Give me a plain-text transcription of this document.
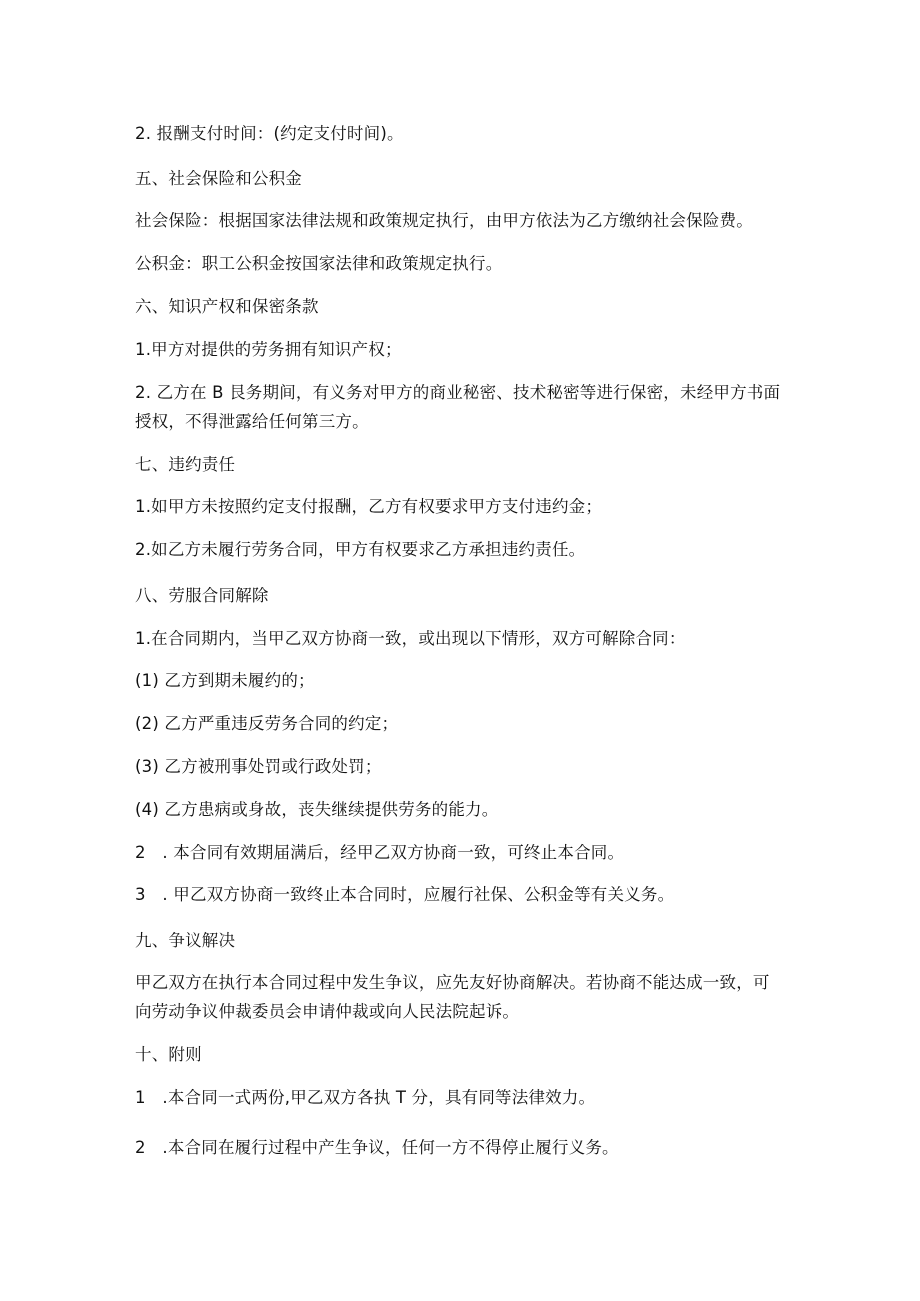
2. 报酬支付时间：(约定支付时间)。
五、社会保险和公积金
社会保险：根据国家法律法规和政策规定执行，由甲方依法为乙方缴纳社会保险费。
公积金：职工公积金按国家法律和政策规定执行。
六、知识产权和保密条款
1.甲方对提供的劳务拥有知识产权；
2. 乙方在 B 艮务期间，有义务对甲方的商业秘密、技术秘密等进行保密，未经甲方书面
授权，不得泄露给任何第三方。
七、违约责任
1.如甲方未按照约定支付报酬，乙方有权要求甲方支付违约金；
2.如乙方未履行劳务合同，甲方有权要求乙方承担违约责任。
八、劳服合同解除
1.在合同期内，当甲乙双方协商一致，或出现以下情形，双方可解除合同：
(1) 乙方到期未履约的；
(2) 乙方严重违反劳务合同的约定；
(3) 乙方被刑事处罚或行政处罚；
(4) 乙方患病或身故，丧失继续提供劳务的能力。
2　. 本合同有效期届满后，经甲乙双方协商一致，可终止本合同。
3　. 甲乙双方协商一致终止本合同时，应履行社保、公积金等有关义务。
九、争议解决
甲乙双方在执行本合同过程中发生争议，应先友好协商解决。若协商不能达成一致，可
向劳动争议仲裁委员会申请仲裁或向人民法院起诉。
十、附则
1　.本合同一式两份,甲乙双方各执 T 分，具有同等法律效力。
2　.本合同在履行过程中产生争议，任何一方不得停止履行义务。
